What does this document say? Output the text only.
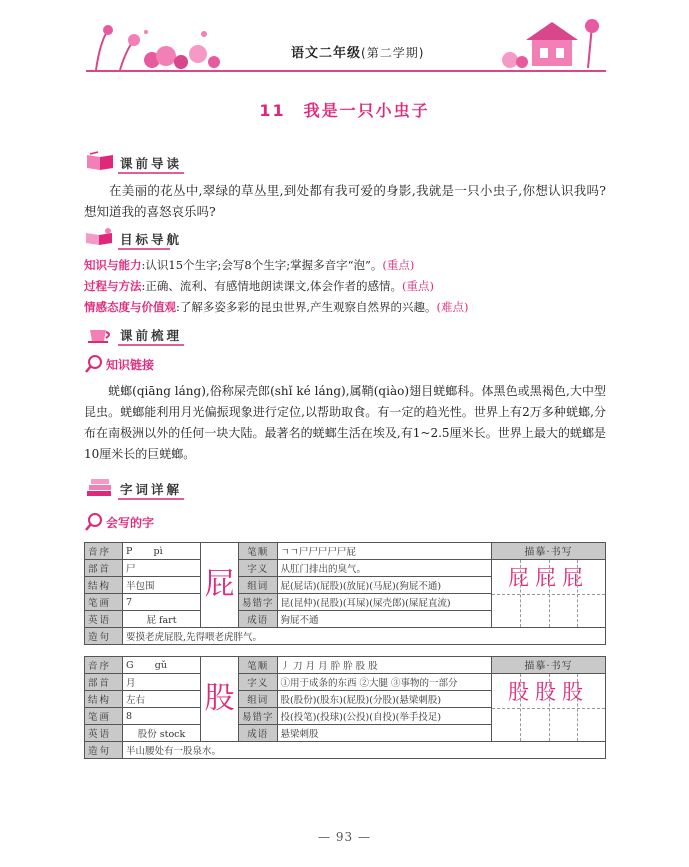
语文二年级(第二学期)
11 我是一只小虫子
课前导读
在美丽的花丛中,翠绿的草丛里,到处都有我可爱的身影,我就是一只小虫子,你想认识我吗?想知道我的喜怒哀乐吗?
目标导航
知识与能力:认识15个生字;会写8个生字;掌握多音字“泡”。(重点)
过程与方法:正确、流利、有感情地朗读课文,体会作者的感情。(重点)
情感态度与价值观:了解多姿多彩的昆虫世界,产生观察自然界的兴趣。(难点)
课前梳理
知识链接
蜣螂(qiāng láng),俗称屎壳郎(shǐ ké láng),属鞘(qiào)翅目蜣螂科。体黑色或黑褐色,大中型昆虫。蜣螂能利用月光偏振现象进行定位,以帮助取食。有一定的趋光性。世界上有2万多种蜣螂,分布在南极洲以外的任何一块大陆。最著名的蜣螂生活在埃及,有1~2.5厘米长。世界上最大的蜣螂是10厘米长的巨蜣螂。
字词详解
会写的字
音序	P pì	屁	笔顺	ㄱㄱ尸尸尸尸尸屁	描摹·书写
部首	尸		字义	从肛门排出的臭气。	屁屁屁

结构	半包围		组词	屁(屁话)(屁股)(放屁)(马屁)(狗屁不通)	
笔画	7		易错字	昆(昆仲)(昆股)(耳屎)(屎壳郎)(屎屁直流)	
英语	屁 fart		成语	狗屁不通	
造句	要摸老虎屁股,先得喂老虎胖气。				
音序	G gǔ	股	笔顺	丿 刀 月 月 肸 肸 股 股	描摹·书写
部首	月		字义	①用于成条的东西 ②大腿 ③事物的一部分	股股股

结构	左右		组词	股(股份)(股东)(屁股)(分股)(悬梁刺股)	
笔画	8		易错字	投(投笔)(投球)(公投)(自投)(举手投足)	
英语	股份 stock		成语	悬梁刺股	
造句	半山腰处有一股泉水。				
— 93 —
